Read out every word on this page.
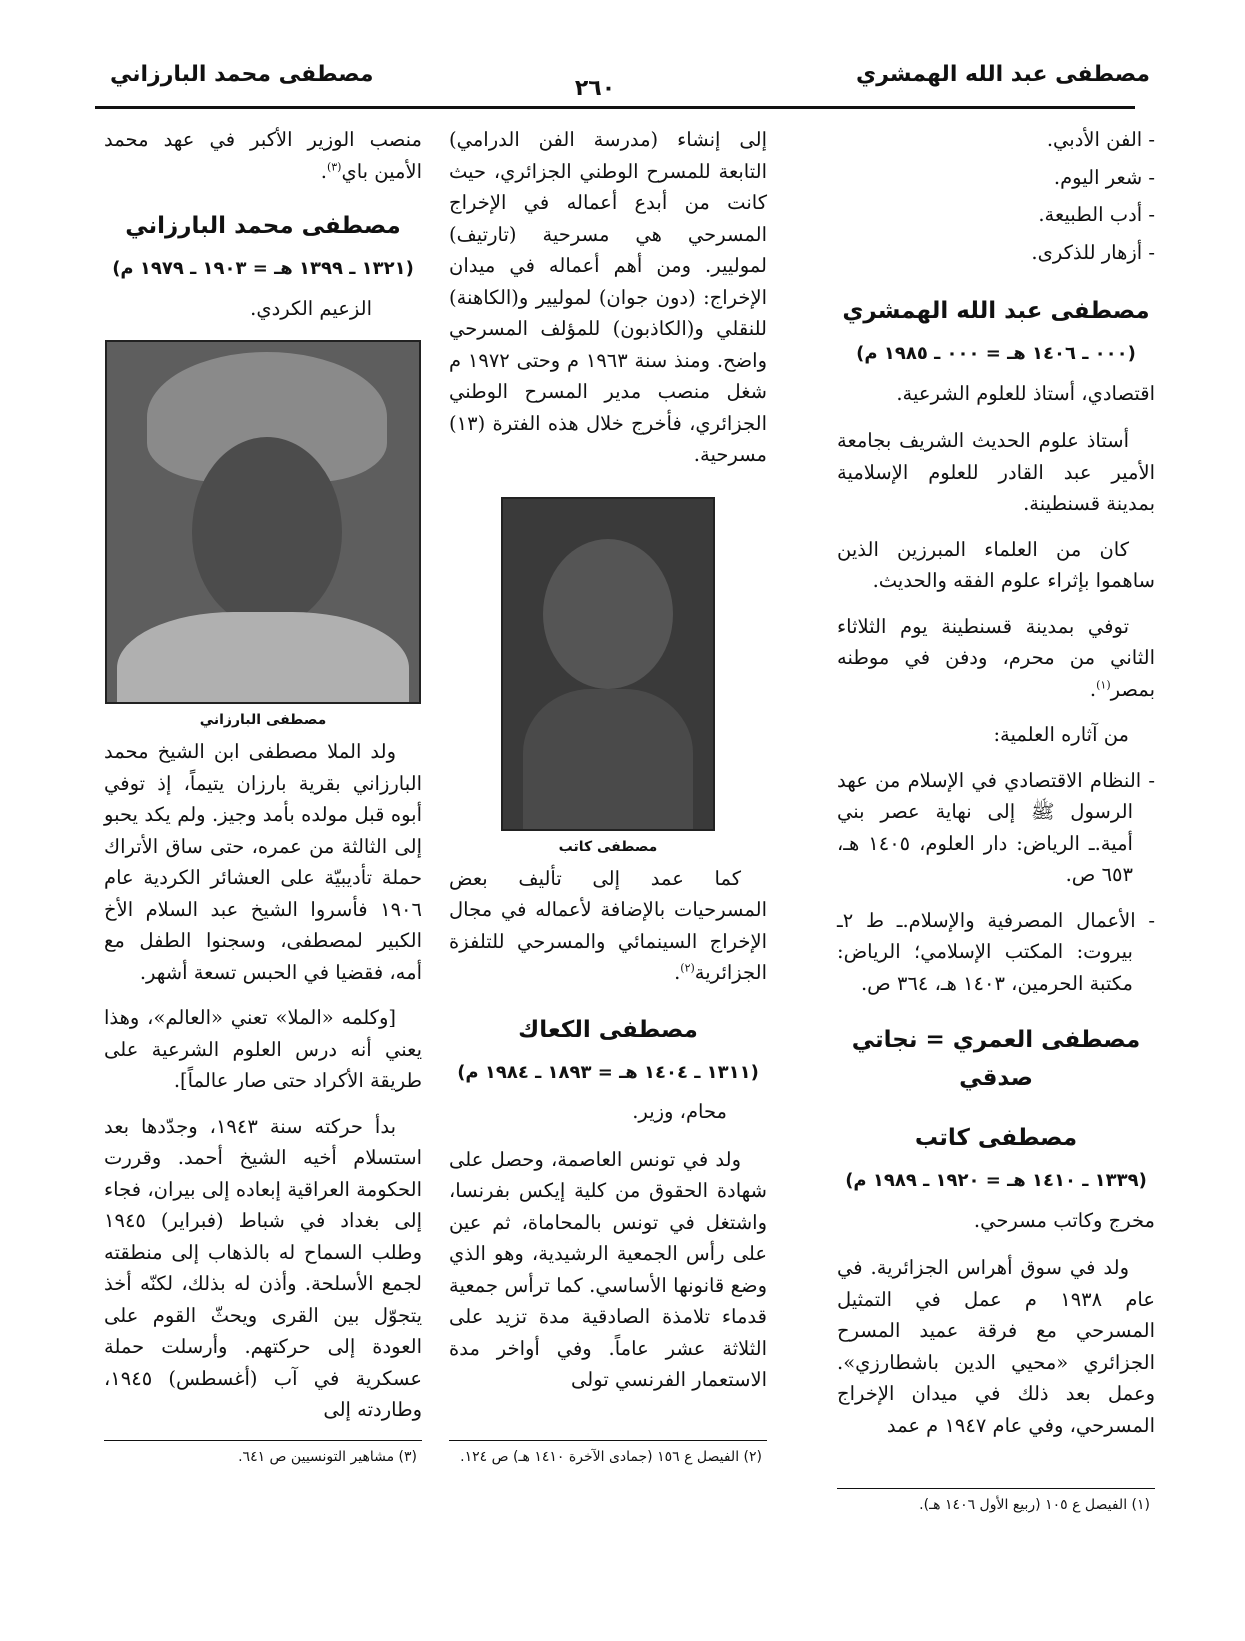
مصطفى عبد الله الهمشري
٢٦٠
مصطفى محمد البارزاني

- الفن الأدبي.

- شعر اليوم.

- أدب الطبيعة.

- أزهار للذكرى.

مصطفى عبد الله الهمشري
(٠٠٠ ـ ١٤٠٦ هـ = ٠٠٠ ـ ١٩٨٥ م)

اقتصادي، أستاذ للعلوم الشرعية.

أستاذ علوم الحديث الشريف بجامعة الأمير عبد القادر للعلوم الإسلامية بمدينة قسنطينة.

كان من العلماء المبرزين الذين ساهموا بإثراء علوم الفقه والحديث.

توفي بمدينة قسنطينة يوم الثلاثاء الثاني من محرم، ودفن في موطنه بمصر$^{(١)}$.

من آثاره العلمية:

- النظام الاقتصادي في الإسلام من عهد الرسول ﷺ إلى نهاية عصر بني أمية.ـ الرياض: دار العلوم، ١٤٠٥ هـ، ٦٥٣ ص.

- الأعمال المصرفية والإسلام.ـ ط ٢ـ بيروت: المكتب الإسلامي؛ الرياض: مكتبة الحرمين، ١٤٠٣ هـ، ٣٦٤ ص.

مصطفى العمري = نجاتي صدقي
مصطفى كاتب
(١٣٣٩ ـ ١٤١٠ هـ = ١٩٢٠ ـ ١٩٨٩ م)

مخرج وكاتب مسرحي.

ولد في سوق أهراس الجزائرية. في عام ١٩٣٨ م عمل في التمثيل المسرحي مع فرقة عميد المسرح الجزائري «محيي الدين باشطارزي». وعمل بعد ذلك في ميدان الإخراج المسرحي، وفي عام ١٩٤٧ م عمد

إلى إنشاء (مدرسة الفن الدرامي) التابعة للمسرح الوطني الجزائري، حيث كانت من أبدع أعماله في الإخراج المسرحي هي مسرحية (تارتيف) لموليير. ومن أهم أعماله في ميدان الإخراج: (دون جوان) لموليير و(الكاهنة) للنقلي و(الكاذبون) للمؤلف المسرحي واضح. ومنذ سنة ١٩٦٣ م وحتى ١٩٧٢ م شغل منصب مدير المسرح الوطني الجزائري، فأخرج خلال هذه الفترة (١٣) مسرحية.

مصطفى كاتب

كما عمد إلى تأليف بعض المسرحيات بالإضافة لأعماله في مجال الإخراج السينمائي والمسرحي للتلفزة الجزائرية$^{(٢)}$.

مصطفى الكعاك
(١٣١١ ـ ١٤٠٤ هـ = ١٨٩٣ ـ ١٩٨٤ م)

محام، وزير.

ولد في تونس العاصمة، وحصل على شهادة الحقوق من كلية إيكس بفرنسا، واشتغل في تونس بالمحاماة، ثم عين على رأس الجمعية الرشيدية، وهو الذي وضع قانونها الأساسي. كما ترأس جمعية قدماء تلامذة الصادقية مدة تزيد على الثلاثة عشر عاماً. وفي أواخر مدة الاستعمار الفرنسي تولى

منصب الوزير الأكبر في عهد محمد الأمين باي$^{(٣)}$.

مصطفى محمد البارزاني
(١٣٢١ ـ ١٣٩٩ هـ = ١٩٠٣ ـ ١٩٧٩ م)

الزعيم الكردي.

مصطفى البارزاني

ولد الملا مصطفى ابن الشيخ محمد البارزاني بقرية بارزان يتيماً، إذ توفي أبوه قبل مولده بأمد وجيز. ولم يكد يحبو إلى الثالثة من عمره، حتى ساق الأتراك حملة تأديبيّة على العشائر الكردية عام ١٩٠٦ فأسروا الشيخ عبد السلام الأخ الكبير لمصطفى، وسجنوا الطفل مع أمه، فقضيا في الحبس تسعة أشهر.

[وكلمه «الملا» تعني «العالم»، وهذا يعني أنه درس العلوم الشرعية على طريقة الأكراد حتى صار عالماً].

بدأ حركته سنة ١٩٤٣، وجدّدها بعد استسلام أخيه الشيخ أحمد. وقررت الحكومة العراقية إبعاده إلى بيران، فجاء إلى بغداد في شباط (فبراير) ١٩٤٥ وطلب السماح له بالذهاب إلى منطقته لجمع الأسلحة. وأذن له بذلك، لكنّه أخذ يتجوّل بين القرى ويحثّ القوم على العودة إلى حركتهم. وأرسلت حملة عسكرية في آب (أغسطس) ١٩٤٥، وطاردته إلى

(١) الفيصل ع ١٠٥ (ربيع الأول ١٤٠٦ هـ).
(٢) الفيصل ع ١٥٦ (جمادى الآخرة ١٤١٠ هـ) ص ١٢٤.
(٣) مشاهير التونسيين ص ٦٤١.
